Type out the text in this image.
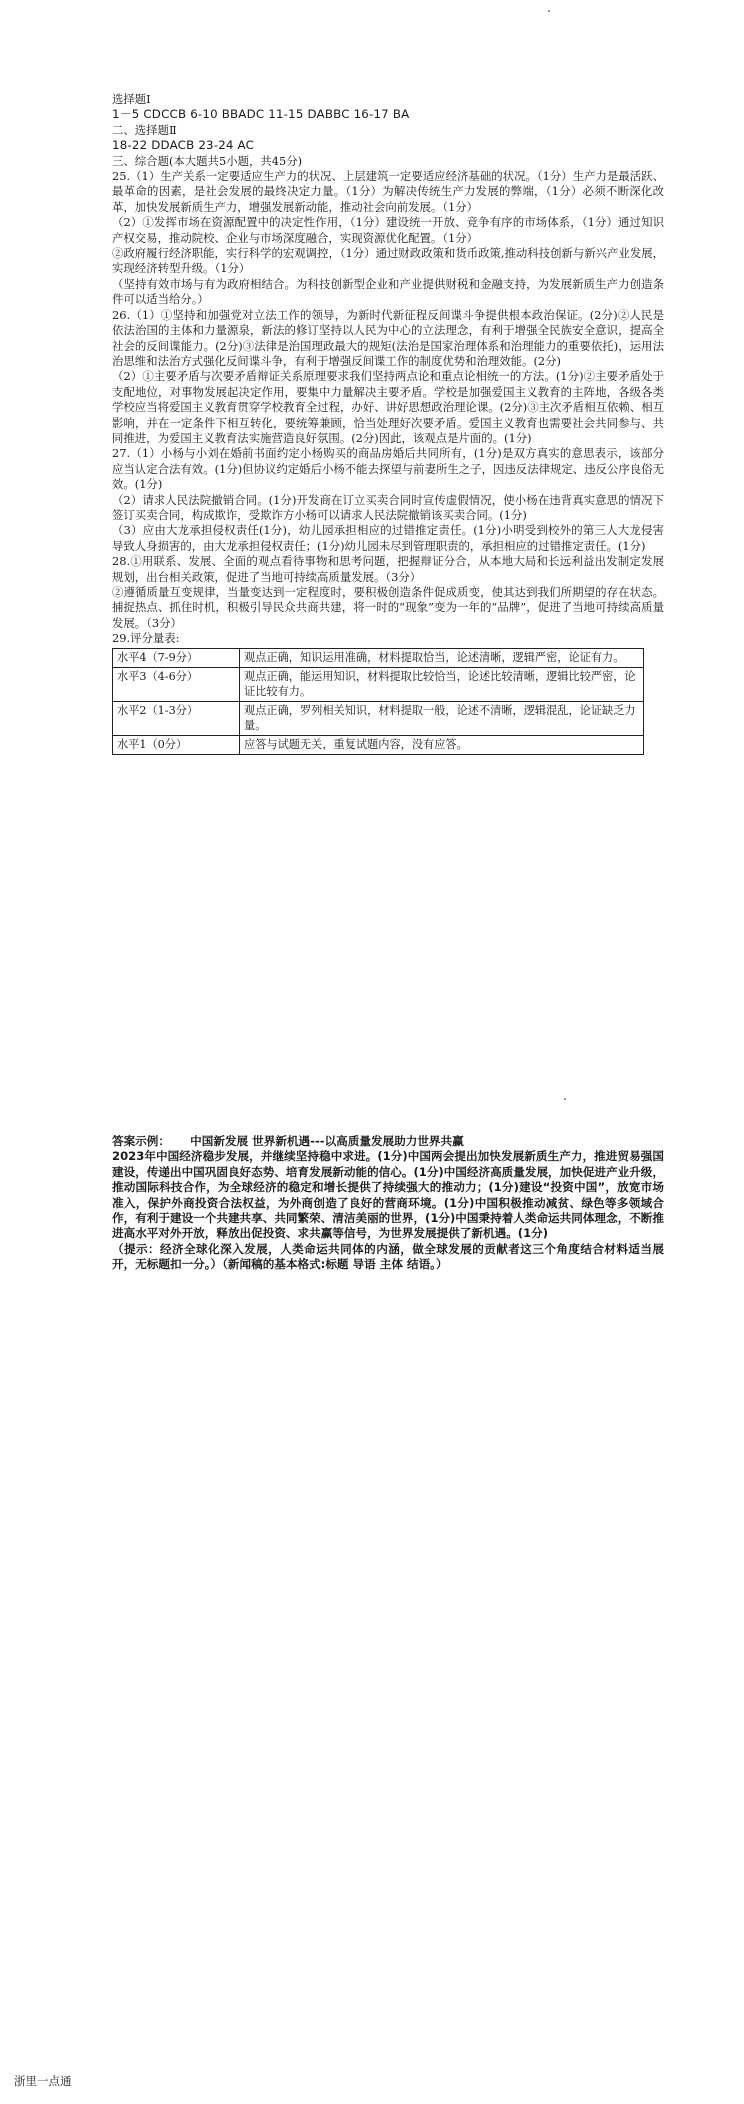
选择题Ⅰ
1－5 CDCCB 6-10 BBADC 11-15 DABBC 16-17 BA
二、选择题Ⅱ
18-22 DDACB 23-24 AC
三、综合题(本大题共5小题，共45分)

25.（1）生产关系一定要适应生产力的状况、上层建筑一定要适应经济基础的状况。（1分）生产力是最活跃、最革命的因素，是社会发展的最终决定力量。（1分）为解决传统生产力发展的弊端，（1分）必须不断深化改革，加快发展新质生产力，增强发展新动能，推动社会向前发展。（1分）

（2）①发挥市场在资源配置中的决定性作用，（1分）建设统一开放、竞争有序的市场体系，（1分）通过知识产权交易，推动院校、企业与市场深度融合，实现资源优化配置。（1分）

②政府履行经济职能，实行科学的宏观调控，（1分）通过财政政策和货币政策,推动科技创新与新兴产业发展，实现经济转型升级。（1分）

（坚持有效市场与有为政府相结合。为科技创新型企业和产业提供财税和金融支持，为发展新质生产力创造条件可以适当给分。）

26.（1）①坚持和加强党对立法工作的领导，为新时代新征程反间谍斗争提供根本政治保证。(2分)②人民是依法治国的主体和力量源泉，新法的修订坚持以人民为中心的立法理念，有利于增强全民族安全意识，提高全社会的反间谍能力。(2分)③法律是治国理政最大的规矩(法治是国家治理体系和治理能力的重要依托)，运用法治思维和法治方式强化反间谍斗争，有利于增强反间谍工作的制度优势和治理效能。(2分)

（2）①主要矛盾与次要矛盾辩证关系原理要求我们坚持两点论和重点论相统一的方法。(1分)②主要矛盾处于支配地位，对事物发展起决定作用，要集中力量解决主要矛盾。学校是加强爱国主义教育的主阵地，各级各类学校应当将爱国主义教育贯穿学校教育全过程，办好、讲好思想政治理论课。(2分)③主次矛盾相互依赖、相互影响，并在一定条件下相互转化，要统筹兼顾，恰当处理好次要矛盾。爱国主义教育也需要社会共同参与、共同推进，为爱国主义教育法实施营造良好氛围。(2分)因此，该观点是片面的。(1分)

27.（1）小杨与小刘在婚前书面约定小杨购买的商品房婚后共同所有，(1分)是双方真实的意思表示，该部分应当认定合法有效。(1分)但协议约定婚后小杨不能去探望与前妻所生之子，因违反法律规定、违反公序良俗无效。(1分)

（2）请求人民法院撤销合同。(1分)开发商在订立买卖合同时宣传虚假情况，使小杨在违背真实意思的情况下签订买卖合同，构成欺诈，受欺诈方小杨可以请求人民法院撤销该买卖合同。(1分)

（3）应由大龙承担侵权责任(1分)，幼儿园承担相应的过错推定责任。(1分)小明受到校外的第三人大龙侵害导致人身损害的，由大龙承担侵权责任；(1分)幼儿园未尽到管理职责的，承担相应的过错推定责任。(1分)

28.①用联系、发展、全面的观点看待事物和思考问题，把握辩证分合，从本地大局和长远利益出发制定发展规划，出台相关政策，促进了当地可持续高质量发展。（3分）

②遵循质量互变规律，当量变达到一定程度时，要积极创造条件促成质变，使其达到我们所期望的存在状态。捕捉热点、抓住时机，积极引导民众共商共建，将一时的“现象”变为一年的“品牌”，促进了当地可持续高质量发展。（3分）

29.评分量表:
水平4（7-9分）	观点正确，知识运用准确，材料提取恰当，论述清晰，逻辑严密，论证有力。
水平3（4-6分）	观点正确，能运用知识，材料提取比较恰当，论述比较清晰，逻辑比较严密，论证比较有力。
水平2（1-3分）	观点正确，罗列相关知识，材料提取一般，论述不清晰，逻辑混乱，论证缺乏力量。
水平1（0分）	应答与试题无关，重复试题内容，没有应答。

答案示例： 中国新发展 世界新机遇---以高质量发展助力世界共赢

2023年中国经济稳步发展，并继续坚持稳中求进。(1分)中国两会提出加快发展新质生产力，推进贸易强国建设，传递出中国巩固良好态势、培育发展新动能的信心。(1分)中国经济高质量发展，加快促进产业升级，推动国际科技合作，为全球经济的稳定和增长提供了持续强大的推动力；(1分)建设“投资中国”，放宽市场准入，保护外商投资合法权益，为外商创造了良好的营商环境。(1分)中国积极推动减贫、绿色等多领域合作，有利于建设一个共建共享、共同繁荣、清洁美丽的世界，(1分)中国秉持着人类命运共同体理念，不断推进高水平对外开放，释放出促投资、求共赢等信号，为世界发展提供了新机遇。(1分)

（提示：经济全球化深入发展，人类命运共同体的内涵，做全球发展的贡献者这三个角度结合材料适当展开，无标题扣一分。）（新闻稿的基本格式:标题 导语 主体 结语。）

浙里一点通
